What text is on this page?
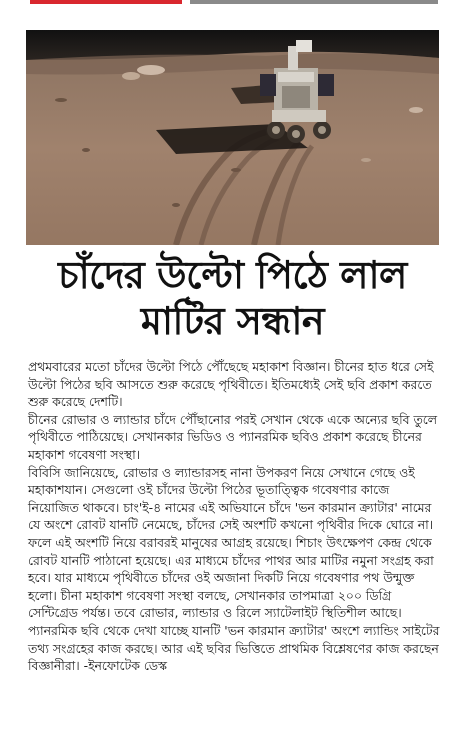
চাঁদের উল্টো পিঠে লাল
মাটির সন্ধান

প্রথমবারের মতো চাঁদের উল্টো পিঠে পৌঁছেছে মহাকাশ বিজ্ঞান। চীনের হাত ধরে সেই উল্টো পিঠের ছবি আসতে শুরু করেছে পৃথিবীতে। ইতিমধ্যেই সেই ছবি প্রকাশ করতে শুরু করেছে দেশটি।

চীনের রোভার ও ল্যান্ডার চাঁদে পৌঁছানোর পরই সেখান থেকে একে অন্যের ছবি তুলে পৃথিবীতে পাঠিয়েছে। সেখানকার ভিডিও ও প্যানরমিক ছবিও প্রকাশ করেছে চীনের মহাকাশ গবেষণা সংস্থা।

বিবিসি জানিয়েছে, রোভার ও ল্যান্ডারসহ নানা উপকরণ নিয়ে সেখানে গেছে ওই মহাকাশযান। সেগুলো ওই চাঁদের উল্টো পিঠের ভূতাত্ত্বিক গবেষণার কাজে নিয়োজিত থাকবে। চাং'ই-৪ নামের এই অভিযানে চাঁদে 'ভন কারমান ক্র্যাটার' নামের যে অংশে রোবট যানটি নেমেছে, চাঁদের সেই অংশটি কখনো পৃথিবীর দিকে ঘোরে না। ফলে এই অংশটি নিয়ে বরাবরই মানুষের আগ্রহ রয়েছে। শিচাং উৎক্ষেপণ কেন্দ্র থেকে রোবট যানটি পাঠানো হয়েছে। এর মাধ্যমে চাঁদের পাথর আর মাটির নমুনা সংগ্রহ করা হবে। যার মাধ্যমে পৃথিবীতে চাঁদের ওই অজানা দিকটি নিয়ে গবেষণার পথ উন্মুক্ত হলো। চীনা মহাকাশ গবেষণা সংস্থা বলছে, সেখানকার তাপমাত্রা ২০০ ডিগ্রি সেন্টিগ্রেড পর্যন্ত। তবে রোভার, ল্যান্ডার ও রিলে স্যাটেলাইট স্থিতিশীল আছে। প্যানরমিক ছবি থেকে দেখা যাচ্ছে যানটি 'ভন কারমান ক্র্যাটার' অংশে ল্যান্ডিং সাইটের তথ্য সংগ্রহের কাজ করছে। আর এই ছবির ভিত্তিতে প্রাথমিক বিশ্লেষণের কাজ করছেন বিজ্ঞানীরা। -ইনফোটেক ডেস্ক
